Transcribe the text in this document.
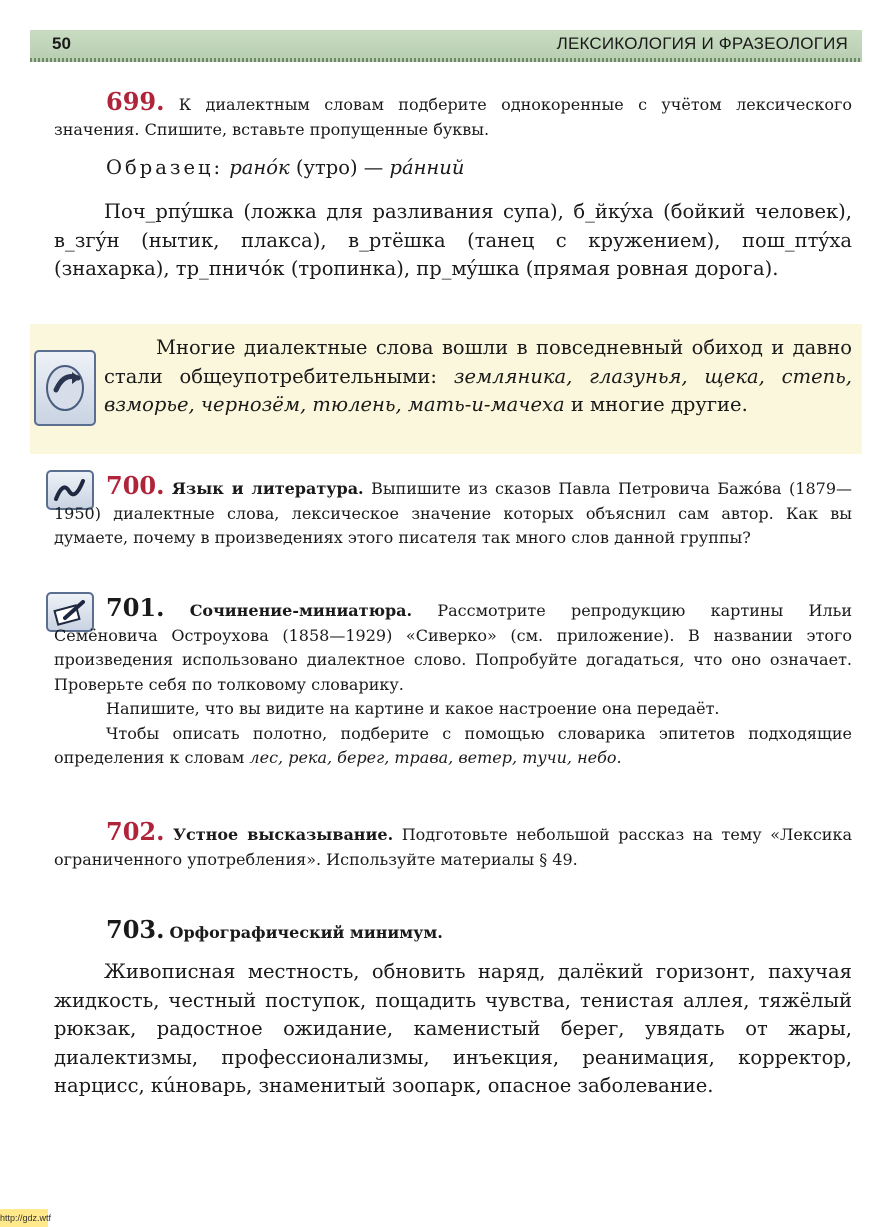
50	ЛЕКСИКОЛОГИЯ И ФРАЗЕОЛОГИЯ

699. К диалектным словам подберите однокоренные с учётом лексического значения. Спишите, вставьте пропущенные буквы.

Образец: ранóк (утро) — рáнний

Поч_рпýшка (ложка для разливания супа), б_йкýха (бойкий человек), в_згýн (нытик, плакса), в_ртёшка (танец с кружением), пош_птýха (знахарка), тр_пничóк (тропинка), пр_мýшка (прямая ровная дорога).

Многие диалектные слова вошли в повседневный обиход и давно стали общеупотребительными: земляника, глазунья, щека, степь, взморье, чернозём, тюлень, мать-и-мачеха и многие другие.

700. Язык и литература. Выпишите из сказов Павла Петровича Бажóва (1879—1950) диалектные слова, лексическое значение которых объяснил сам автор. Как вы думаете, почему в произведениях этого писателя так много слов данной группы?

701. Сочинение-миниатюра. Рассмотрите репродукцию картины Ильи Семёновича Остроухова (1858—1929) «Сиверко» (см. приложение). В названии этого произведения использовано диалектное слово. Попробуйте догадаться, что оно означает. Проверьте себя по толковому словарику.

Напишите, что вы видите на картине и какое настроение она передаёт.

Чтобы описать полотно, подберите с помощью словарика эпитетов подходящие определения к словам лес, река, берег, трава, ветер, тучи, небо.

702. Устное высказывание. Подготовьте небольшой рассказ на тему «Лексика ограниченного употребления». Используйте материалы § 49.

703. Орфографический минимум.

Живописная местность, обновить наряд, далёкий горизонт, пахучая жидкость, честный поступок, пощадить чувства, тенистая аллея, тяжёлый рюкзак, радостное ожидание, каменистый берег, увядать от жары, диалектизмы, профессионализмы, инъекция, реанимация, корректор, нарцисс, кúноварь, знаменитый зоопарк, опасное заболевание.

http://gdz.wtf
